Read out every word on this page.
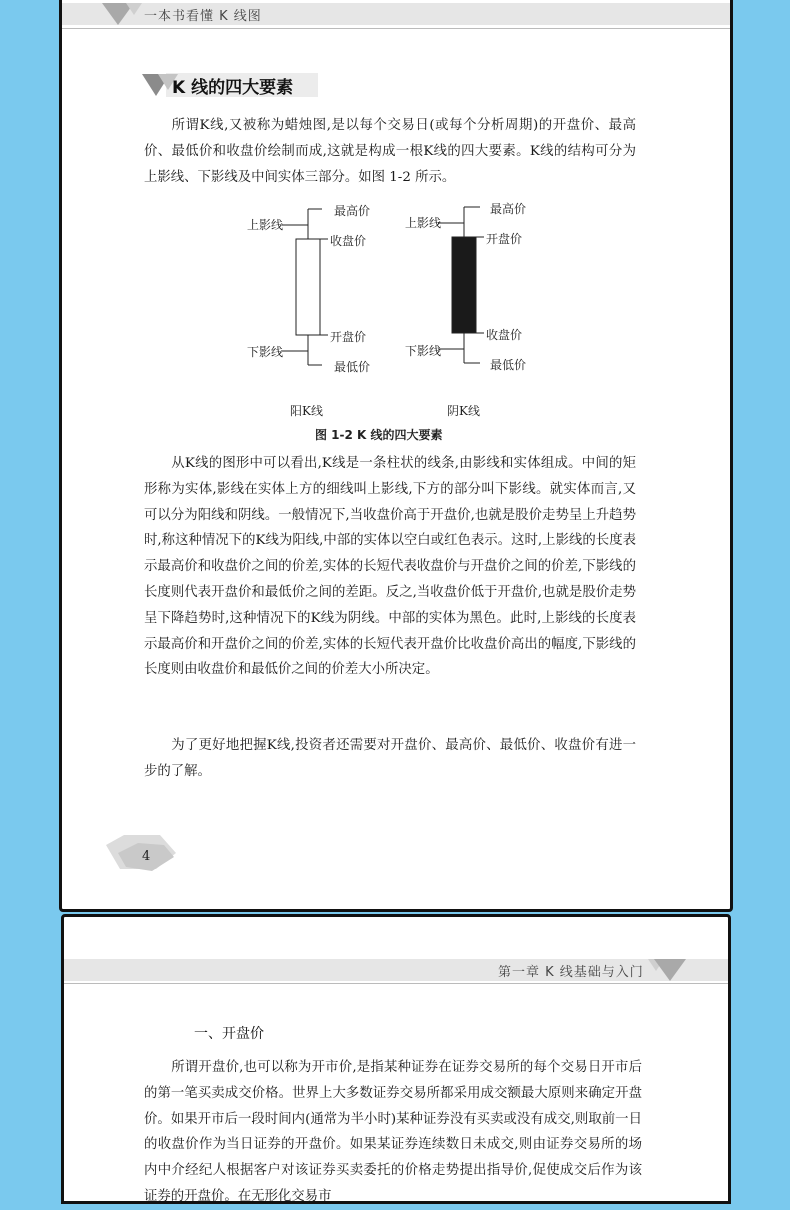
一本书看懂 K 线图
K 线的四大要素
所谓K线,又被称为蜡烛图,是以每个交易日(或每个分析周期)的开盘价、最高价、最低价和收盘价绘制而成,这就是构成一根K线的四大要素。K线的结构可分为上影线、下影线及中间实体三部分。如图 1-2 所示。
上影线
最高价
收盘价
开盘价
下影线
最低价
阳K线
上影线
最高价
开盘价
收盘价
下影线
最低价
阴K线
图 1-2 K 线的四大要素
从K线的图形中可以看出,K线是一条柱状的线条,由影线和实体组成。中间的矩形称为实体,影线在实体上方的细线叫上影线,下方的部分叫下影线。就实体而言,又可以分为阳线和阴线。一般情况下,当收盘价高于开盘价,也就是股价走势呈上升趋势时,称这种情况下的K线为阳线,中部的实体以空白或红色表示。这时,上影线的长度表示最高价和收盘价之间的价差,实体的长短代表收盘价与开盘价之间的价差,下影线的长度则代表开盘价和最低价之间的差距。反之,当收盘价低于开盘价,也就是股价走势呈下降趋势时,这种情况下的K线为阴线。中部的实体为黑色。此时,上影线的长度表示最高价和开盘价之间的价差,实体的长短代表开盘价比收盘价高出的幅度,下影线的长度则由收盘价和最低价之间的价差大小所决定。
为了更好地把握K线,投资者还需要对开盘价、最高价、最低价、收盘价有进一步的了解。
4
第一章 K 线基础与入门
一、开盘价
所谓开盘价,也可以称为开市价,是指某种证券在证券交易所的每个交易日开市后的第一笔买卖成交价格。世界上大多数证券交易所都采用成交额最大原则来确定开盘价。如果开市后一段时间内(通常为半小时)某种证券没有买卖或没有成交,则取前一日的收盘价作为当日证券的开盘价。如果某证券连续数日未成交,则由证券交易所的场内中介经纪人根据客户对该证券买卖委托的价格走势提出指导价,促使成交后作为该证券的开盘价。在无形化交易市
